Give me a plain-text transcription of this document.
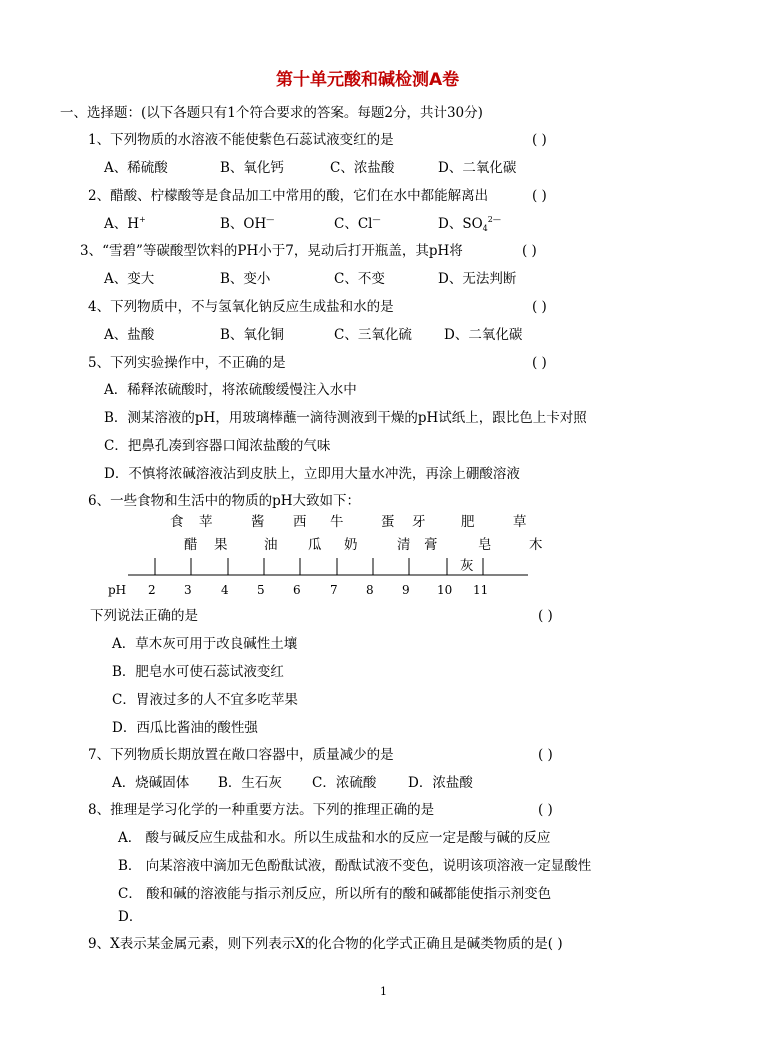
第十单元酸和碱检测A卷
一、选择题：(以下各题只有1个符合要求的答案。每题2分，共计30分)
1、下列物质的水溶液不能使紫色石蕊试液变红的是	( )
A、稀硫酸	B、氧化钙	C、浓盐酸	D、二氧化碳
2、醋酸、柠檬酸等是食品加工中常用的酸，它们在水中都能解离出	( )
A、H+	B、OH—	C、Cl—	D、$SO_4^{2—}$
3、“雪碧”等碳酸型饮料的PH小于7，晃动后打开瓶盖，其pH将	( )
A、变大	B、变小	C、不变	D、无法判断
4、下列物质中，不与氢氧化钠反应生成盐和水的是	( )
A、盐酸	B、氧化铜	C、三氧化硫 D、二氧化碳
5、下列实验操作中，不正确的是	( )
A．稀释浓硫酸时，将浓硫酸缓慢注入水中
B．测某溶液的pH，用玻璃棒蘸一滴待测液到干燥的pH试纸上，跟比色上卡对照
C．把鼻孔凑到容器口闻浓盐酸的气味
D．不慎将浓碱溶液沾到皮肤上，立即用大量水冲洗，再涂上硼酸溶液
6、一些食物和生活中的物质的pH大致如下：
食 苹	酱 西 牛	蛋 牙	肥	草
醋 果	油 瓜 奶	清 膏	皂	木
灰
pH 2 3 4 5 6 7 8 9 10 11
下列说法正确的是	( )
A．草木灰可用于改良碱性土壤
B．肥皂水可使石蕊试液变红
C．胃液过多的人不宜多吃苹果
D．西瓜比酱油的酸性强
7、下列物质长期放置在敞口容器中，质量减少的是	( )
A．烧碱固体 B．生石灰 C．浓硫酸 D．浓盐酸
8、推理是学习化学的一种重要方法。下列的推理正确的是	( )
A． 酸与碱反应生成盐和水。所以生成盐和水的反应一定是酸与碱的反应
B． 向某溶液中滴加无色酚酞试液，酚酞试液不变色，说明该项溶液一定显酸性
C． 酸和碱的溶液能与指示剂反应，所以所有的酸和碱都能使指示剂变色
D．
9、X表示某金属元素，则下列表示X的化合物的化学式正确且是碱类物质的是( )
1
